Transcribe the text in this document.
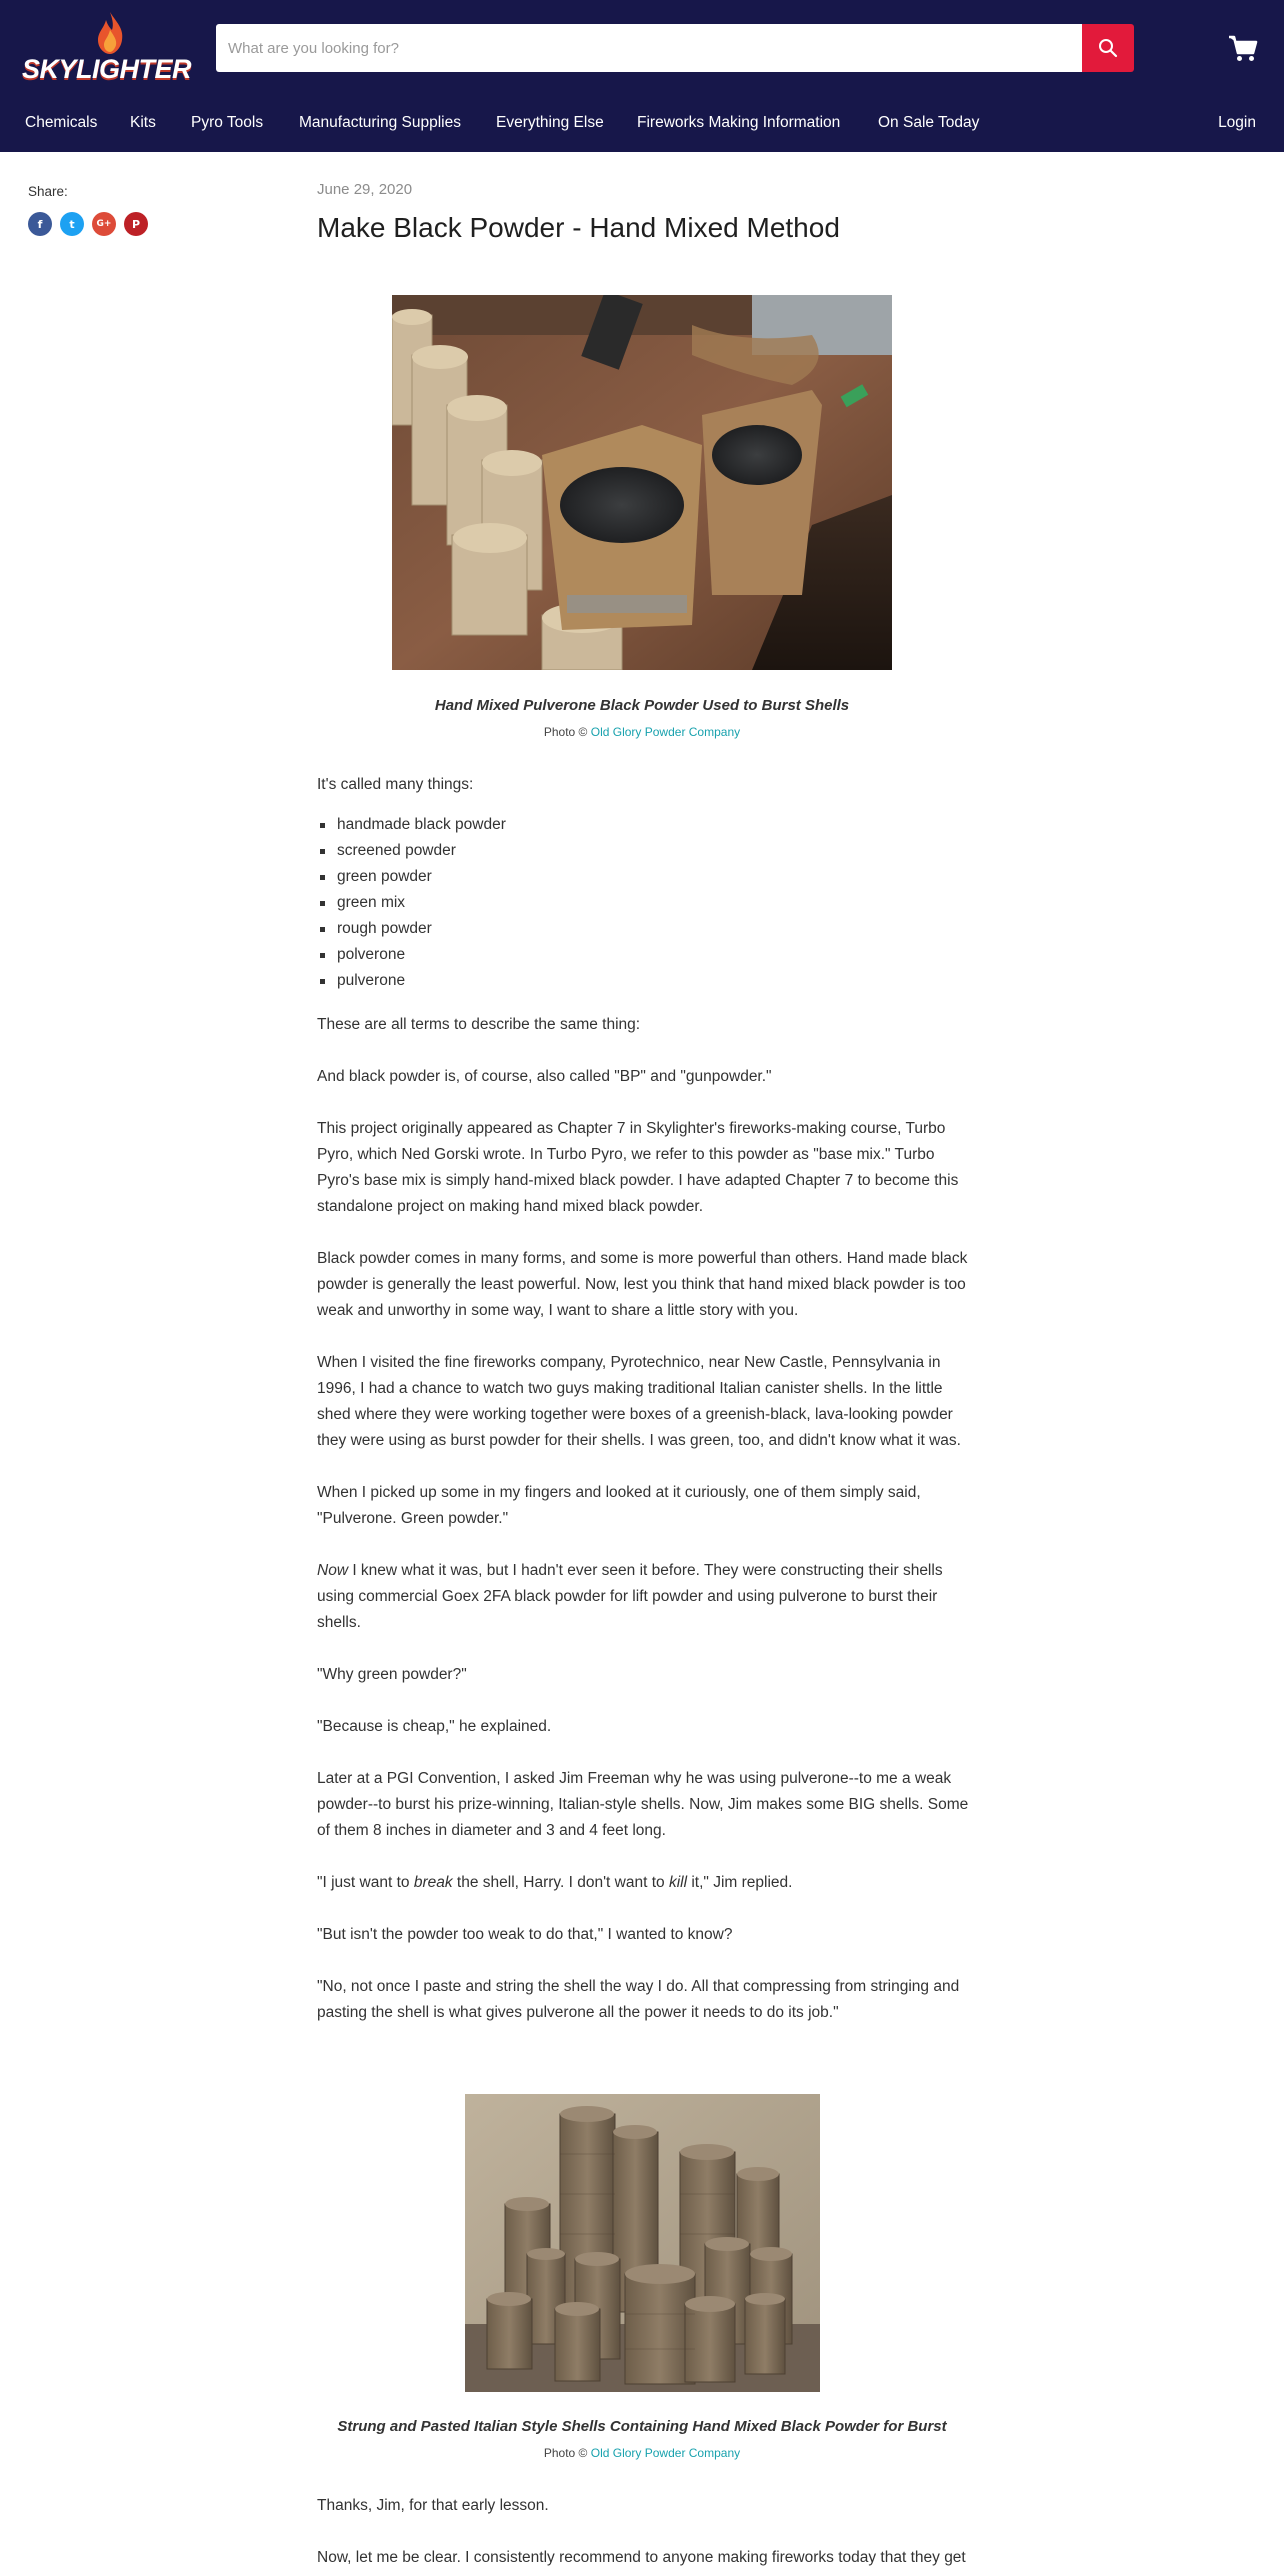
SKYLIGHTER
What are you looking for?
Chemicals Kits Pyro Tools Manufacturing Supplies Everything Else Fireworks Making Information On Sale Today	Login
Share:
f	t	G+	P
June 29, 2020
Make Black Powder - Hand Mixed Method
Hand Mixed Pulverone Black Powder Used to Burst Shells
Photo © Old Glory Powder Company
It's called many things:
handmade black powder
screened powder
green powder
green mix
rough powder
polverone
pulverone
These are all terms to describe the same thing:
And black powder is, of course, also called "BP" and "gunpowder."
This project originally appeared as Chapter 7 in Skylighter's fireworks-making course, Turbo Pyro, which Ned Gorski wrote. In Turbo Pyro, we refer to this powder as "base mix." Turbo Pyro's base mix is simply hand-mixed black powder. I have adapted Chapter 7 to become this standalone project on making hand mixed black powder.
Black powder comes in many forms, and some is more powerful than others. Hand made black powder is generally the least powerful. Now, lest you think that hand mixed black powder is too weak and unworthy in some way, I want to share a little story with you.
When I visited the fine fireworks company, Pyrotechnico, near New Castle, Pennsylvania in 1996, I had a chance to watch two guys making traditional Italian canister shells. In the little shed where they were working together were boxes of a greenish-black, lava-looking powder they were using as burst powder for their shells. I was green, too, and didn't know what it was.
When I picked up some in my fingers and looked at it curiously, one of them simply said, "Pulverone. Green powder."
Now I knew what it was, but I hadn't ever seen it before. They were constructing their shells using commercial Goex 2FA black powder for lift powder and using pulverone to burst their shells.
"Why green powder?"
"Because is cheap," he explained.
Later at a PGI Convention, I asked Jim Freeman why he was using pulverone--to me a weak powder--to burst his prize-winning, Italian-style shells. Now, Jim makes some BIG shells. Some of them 8 inches in diameter and 3 and 4 feet long.
"I just want to break the shell, Harry. I don't want to kill it," Jim replied.
"But isn't the powder too weak to do that," I wanted to know?
"No, not once I paste and string the shell the way I do. All that compressing from stringing and pasting the shell is what gives pulverone all the power it needs to do its job."
Strung and Pasted Italian Style Shells Containing Hand Mixed Black Powder for Burst
Photo © Old Glory Powder Company
Thanks, Jim, for that early lesson.
Now, let me be clear. I consistently recommend to anyone making fireworks today that they get
